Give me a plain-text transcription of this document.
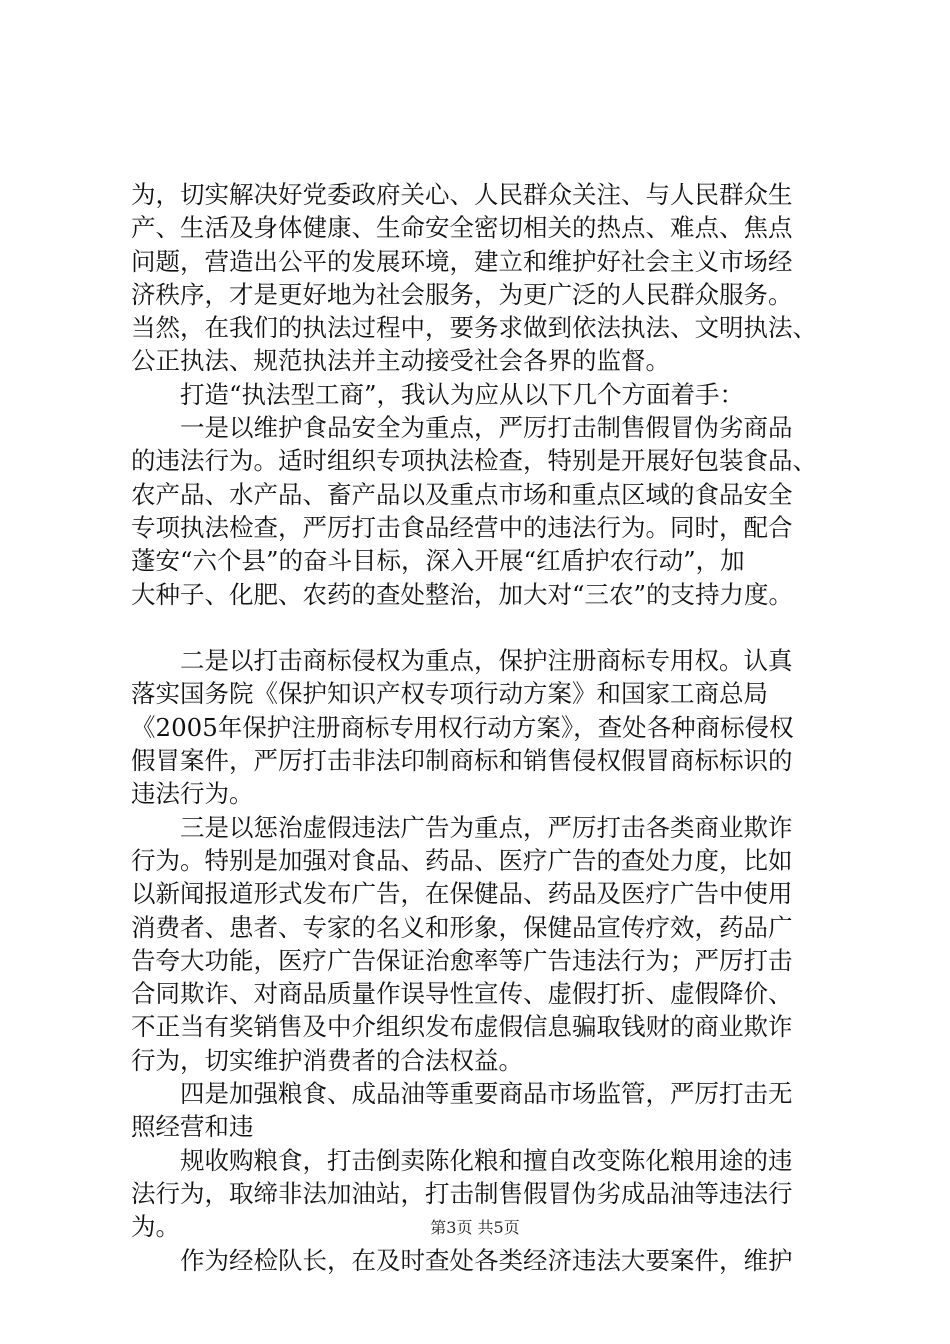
为，切实解决好党委政府关心、人民群众关注、与人民群众生
产、生活及身体健康、生命安全密切相关的热点、难点、焦点
问题，营造出公平的发展环境，建立和维护好社会主义市场经
济秩序，才是更好地为社会服务，为更广泛的人民群众服务。
当然，在我们的执法过程中，要务求做到依法执法、文明执法、
公正执法、规范执法并主动接受社会各界的监督。
　　打造“执法型工商”，我认为应从以下几个方面着手：
　　一是以维护食品安全为重点，严厉打击制售假冒伪劣商品
的违法行为。适时组织专项执法检查，特别是开展好包装食品、
农产品、水产品、畜产品以及重点市场和重点区域的食品安全
专项执法检查，严厉打击食品经营中的违法行为。同时，配合
蓬安“六个县”的奋斗目标，深入开展“红盾护农行动”，加
大种子、化肥、农药的查处整治，加大对“三农”的支持力度。
　　二是以打击商标侵权为重点，保护注册商标专用权。认真
落实国务院《保护知识产权专项行动方案》和国家工商总局
《2005年保护注册商标专用权行动方案》，查处各种商标侵权
假冒案件，严厉打击非法印制商标和销售侵权假冒商标标识的
违法行为。
　　三是以惩治虚假违法广告为重点，严厉打击各类商业欺诈
行为。特别是加强对食品、药品、医疗广告的查处力度，比如
以新闻报道形式发布广告，在保健品、药品及医疗广告中使用
消费者、患者、专家的名义和形象，保健品宣传疗效，药品广
告夸大功能，医疗广告保证治愈率等广告违法行为；严厉打击
合同欺诈、对商品质量作误导性宣传、虚假打折、虚假降价、
不正当有奖销售及中介组织发布虚假信息骗取钱财的商业欺诈
行为，切实维护消费者的合法权益。
　　四是加强粮食、成品油等重要商品市场监管，严厉打击无
照经营和违
　　规收购粮食，打击倒卖陈化粮和擅自改变陈化粮用途的违
法行为，取缔非法加油站，打击制售假冒伪劣成品油等违法行
为。
　　作为经检队长，在及时查处各类经济违法大要案件，维护
第3页 共5页
